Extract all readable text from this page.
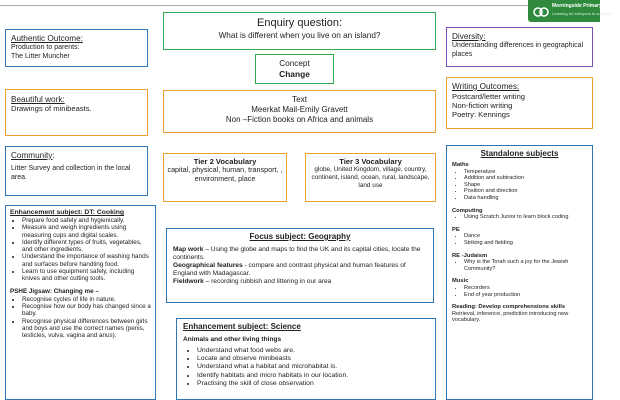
Morningside Primary School
Learning for everyone to succeed
Enquiry question:
What is different when you live on an island?
Authentic Outcome:
Production to parents:
The Litter Muncher
Diversity:
Understanding differences in geographical places
Concept
Change
Beautiful work:
Drawings of minibeasts.
Text
Meerkat Mail-Emily Gravett
Non –Fiction books on Africa and animals
Writing Outcomes:
Postcard/letter writing
Non-fiction writing
Poetry: Kennings
Community:
Litter Survey and collection in the local area.
Tier 2 Vocabulary
capital, physical, human, transport, , environment, place
Tier 3 Vocabulary
globe, United Kingdom, village, country, continent, island, ocean, rural, landscape, land use
Enhancement subject: DT: Cooking
• Prepare food safely and hygienically.
• Measure and weigh ingredients using measuring cups and digital scales.
• Identify different types of fruits, vegetables, and other ingredients.
• Understand the importance of washing hands and surfaces before handling food.
• Learn to use equipment safely, including knives and other cutting tools.
PSHE Jigsaw: Changing me –
• Recognise cycles of life in nature.
• Recognise how our body has changed since a baby.
• Recognise physical differences between girls and boys and use the correct names (penis, testicles, vulva, vagina and anus).
Focus subject: Geography
Map work – Using the globe and maps to find the UK and its capital cities, locate the continents.
Geographical features - compare and contrast physical and human features of England with Madagascar.
Fieldwork – recording rubbish and littering in our area
Enhancement subject: Science
Animals and other living things
• Understand what food webs are.
• Locate and observe minibeasts
• Understand what a habitat and microhabitat is.
• Identify habitats and micro habitats in our location.
• Practising the skill of close observation
Standalone subjects
Maths
• Temperature
• Addition and subtraction
• Shape
• Position and direction
• Data handling
Computing
• Using Scratch Junior to learn block coding
PE
• Dance
• Striking and fielding
RE -Judaism
• Why is the Torah such a joy for the Jewish Community?
Music
• Recorders
• End of year production
Reading: Develop comprehensions skills
Retrieval, inference, prediction introducing new vocabulary.
